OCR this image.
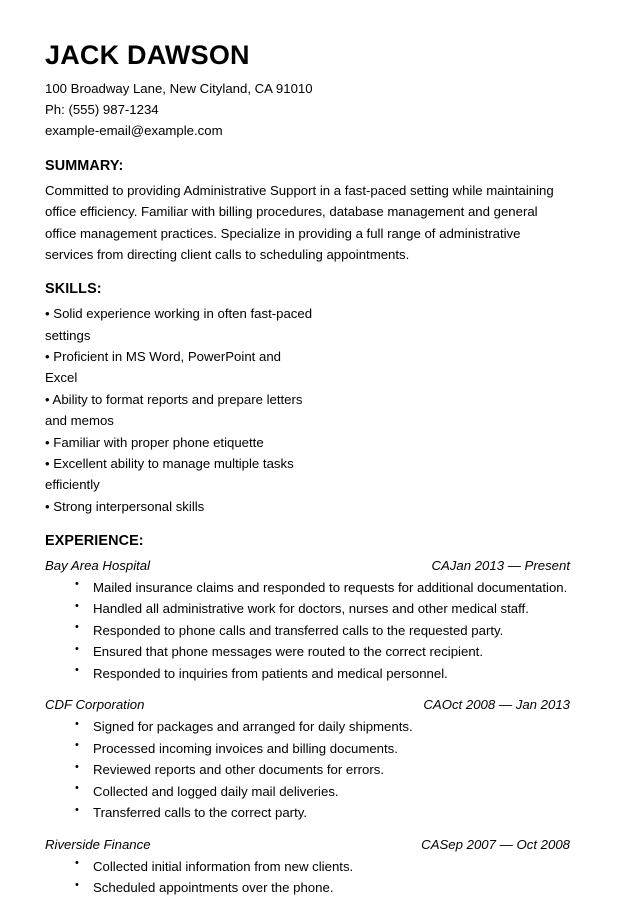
JACK DAWSON

100 Broadway Lane, New Cityland, CA 91010

Ph: (555) 987-1234

example-email@example.com

SUMMARY:

Committed to providing Administrative Support in a fast-paced setting while maintaining office efficiency. Familiar with billing procedures, database management and general office management practices. Specialize in providing a full range of administrative services from directing client calls to scheduling appointments.

SKILLS:
• Solid experience working in often fast-paced settings
• Proficient in MS Word, PowerPoint and Excel
• Ability to format reports and prepare letters and memos
• Familiar with proper phone etiquette
• Excellent ability to manage multiple tasks efficiently
• Strong interpersonal skills
EXPERIENCE:
Bay Area Hospital	CAJan 2013 — Present
• Mailed insurance claims and responded to requests for additional documentation.
• Handled all administrative work for doctors, nurses and other medical staff.
• Responded to phone calls and transferred calls to the requested party.
• Ensured that phone messages were routed to the correct recipient.
• Responded to inquiries from patients and medical personnel.
CDF Corporation	CAOct 2008 — Jan 2013
• Signed for packages and arranged for daily shipments.
• Processed incoming invoices and billing documents.
• Reviewed reports and other documents for errors.
• Collected and logged daily mail deliveries.
• Transferred calls to the correct party.
Riverside Finance	CASep 2007 — Oct 2008
• Collected initial information from new clients.
• Scheduled appointments over the phone.
